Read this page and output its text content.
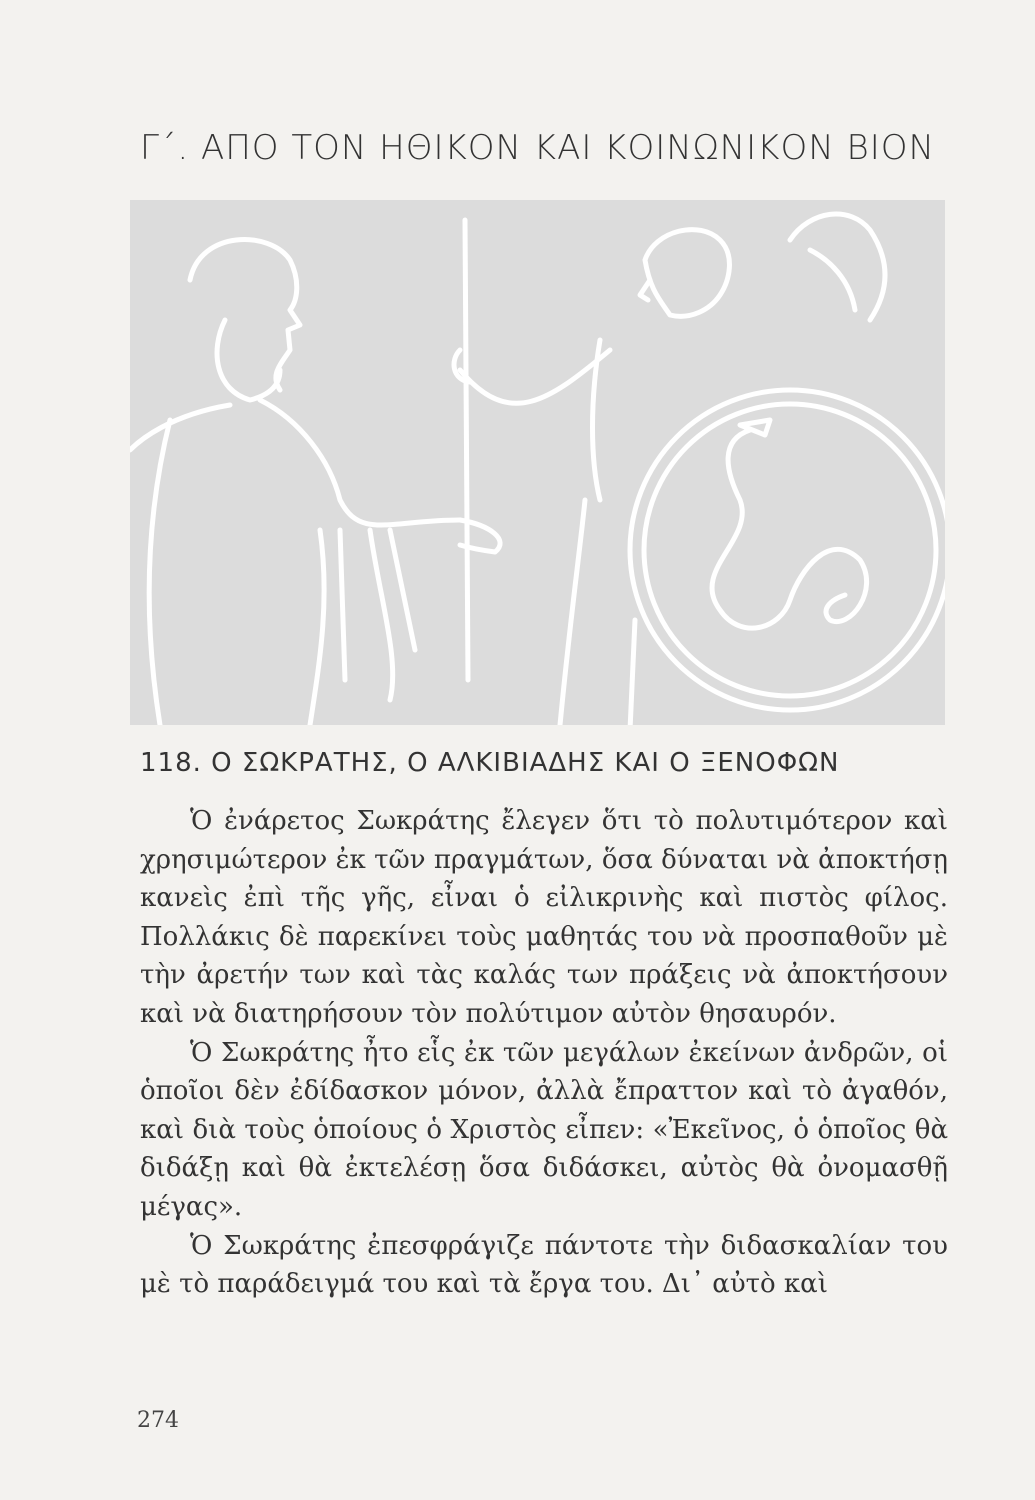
Γ΄. ΑΠΟ ΤΟΝ ΗΘΙΚΟΝ ΚΑΙ ΚΟΙΝΩΝΙΚΟΝ ΒΙΟΝ
118. Ο ΣΩΚΡΑΤΗΣ, Ο ΑΛΚΙΒΙΑΔΗΣ ΚΑΙ Ο ΞΕΝΟΦΩΝ

Ὁ ἐνάρετος Σωκράτης ἔλεγεν ὅτι τὸ πολυτιμότερον καὶ χρησιμώτερον ἐκ τῶν πραγμάτων, ὅσα δύναται νὰ ἀποκτήσῃ κανεὶς ἐπὶ τῆς γῆς, εἶναι ὁ εἰλικρινὴς καὶ πιστὸς φίλος. Πολλάκις δὲ παρεκίνει τοὺς μαθητάς του νὰ προσπαθοῦν μὲ τὴν ἀρετήν των καὶ τὰς καλάς των πράξεις νὰ ἀποκτήσουν καὶ νὰ διατηρήσουν τὸν πολύτιμον αὐτὸν θησαυρόν.

Ὁ Σωκράτης ἦτο εἷς ἐκ τῶν μεγάλων ἐκείνων ἀνδρῶν, οἱ ὁποῖοι δὲν ἐδίδασκον μόνον, ἀλλὰ ἔπραττον καὶ τὸ ἀγαθόν, καὶ διὰ τοὺς ὁποίους ὁ Χριστὸς εἶπεν: «Ἐκεῖνος, ὁ ὁποῖος θὰ διδάξῃ καὶ θὰ ἐκτελέσῃ ὅσα διδάσκει, αὐτὸς θὰ ὀνομασθῇ μέγας».

Ὁ Σωκράτης ἐπεσφράγιζε πάντοτε τὴν διδασκαλίαν του μὲ τὸ παράδειγμά του καὶ τὰ ἔργα του. Δι᾽ αὐτὸ καὶ

274
